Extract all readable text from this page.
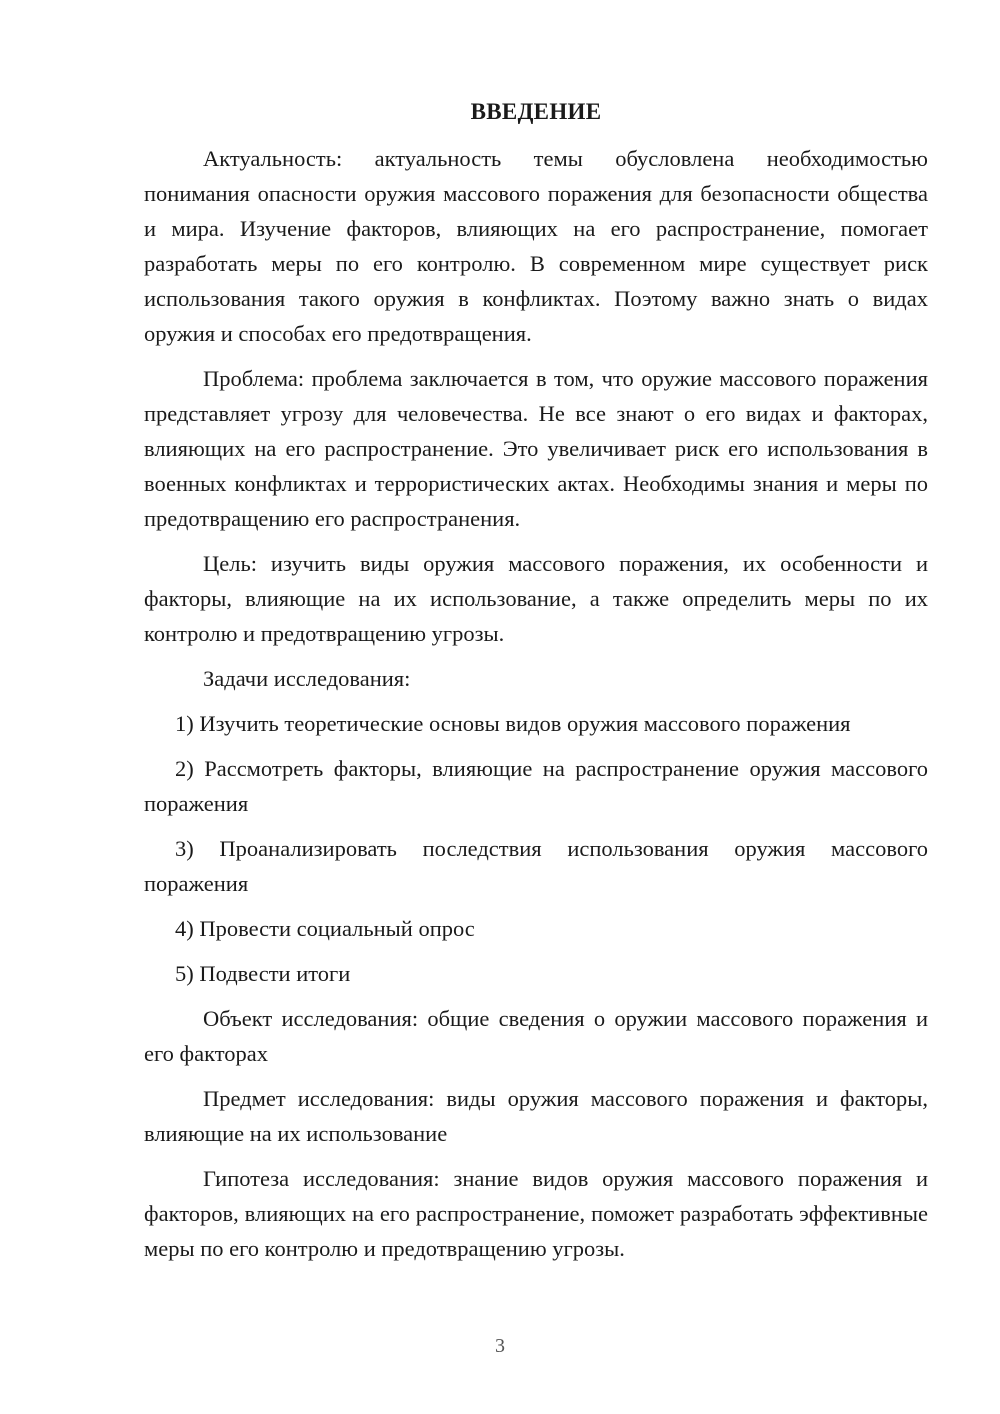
ВВЕДЕНИЕ

Актуальность: актуальность темы обусловлена необходимостью понимания опасности оружия массового поражения для безопасности общества и мира. Изучение факторов, влияющих на его распространение, помогает разработать меры по его контролю. В современном мире существует риск использования такого оружия в конфликтах. Поэтому важно знать о видах оружия и способах его предотвращения.

Проблема: проблема заключается в том, что оружие массового поражения представляет угрозу для человечества. Не все знают о его видах и факторах, влияющих на его распространение. Это увеличивает риск его использования в военных конфликтах и террористических актах. Необходимы знания и меры по предотвращению его распространения.

Цель: изучить виды оружия массового поражения, их особенности и факторы, влияющие на их использование, а также определить меры по их контролю и предотвращению угрозы.

Задачи исследования:

1) Изучить теоретические основы видов оружия массового поражения

2) Рассмотреть факторы, влияющие на распространение оружия массового поражения

3) Проанализировать последствия использования оружия массового поражения

4) Провести социальный опрос

5) Подвести итоги

Объект исследования: общие сведения о оружии массового поражения и его факторах

Предмет исследования: виды оружия массового поражения и факторы, влияющие на их использование

Гипотеза исследования: знание видов оружия массового поражения и факторов, влияющих на его распространение, поможет разработать эффективные меры по его контролю и предотвращению угрозы.

3
